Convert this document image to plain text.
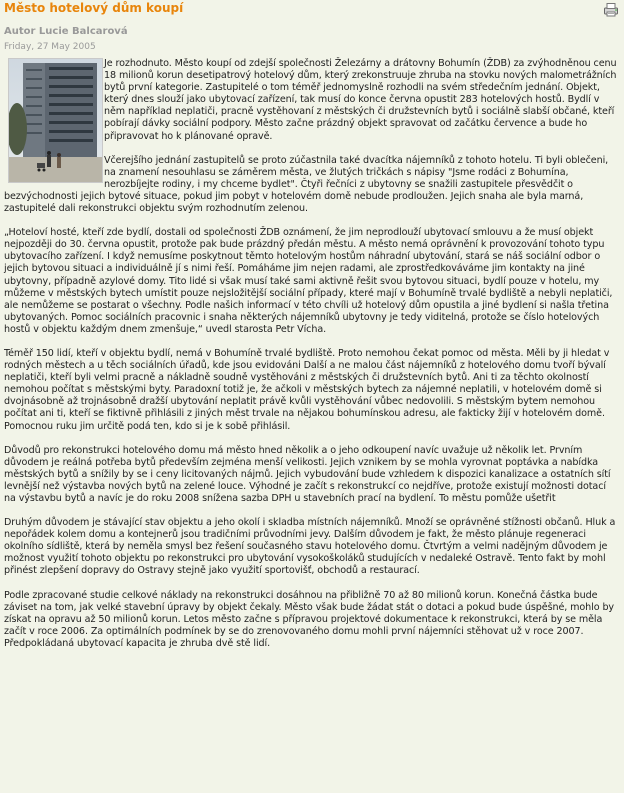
Město hotelový dům koupí
Autor Lucie Balcarová
Friday, 27 May 2005

Je rozhodnuto. Město koupí od zdejší společnosti Železárny a drátovny Bohumín (ŽDB) za zvýhodněnou cenu 18 milionů korun desetipatrový hotelový dům, který zrekonstruuje zhruba na stovku nových malometrážních bytů první kategorie. Zastupitelé o tom téměř jednomyslně rozhodli na svém středečním jednání. Objekt, který dnes slouží jako ubytovací zařízení, tak musí do konce června opustit 283 hotelových hostů. Bydlí v něm například neplatiči, pracně vystěhovaní z městských či družstevních bytů i sociálně slabší občané, kteří pobírají dávky sociální podpory. Město začne prázdný objekt spravovat od začátku července a bude ho připravovat ho k plánované opravě.

Včerejšího jednání zastupitelů se proto zúčastnila také dvacítka nájemníků z tohoto hotelu. Ti byli oblečeni, na znamení nesouhlasu se záměrem města, ve žlutých tričkách s nápisy "Jsme rodáci z Bohumína, nerozbíjejte rodiny, i my chceme bydlet". Čtyři řečníci z ubytovny se snažili zastupitele přesvědčit o bezvýchodnosti jejich bytové situace, pokud jim pobyt v hotelovém domě nebude prodloužen. Jejich snaha ale byla marná, zastupitelé dali rekonstrukci objektu svým rozhodnutím zelenou.

„Hoteloví hosté, kteří zde bydlí, dostali od společnosti ŽDB oznámení, že jim neprodlouží ubytovací smlouvu a že musí objekt nejpozději do 30. června opustit, protože pak bude prázdný předán městu. A město nemá oprávnění k provozování tohoto typu ubytovacího zařízení. I když nemusíme poskytnout těmto hotelovým hostům náhradní ubytování, stará se náš sociální odbor o jejich bytovou situaci a individuálně jí s nimi řeší. Pomáháme jim nejen radami, ale zprostředkováváme jim kontakty na jiné ubytovny, případně azylové domy. Tito lidé si však musí také sami aktivně řešit svou bytovou situaci, bydlí pouze v hotelu, my můžeme v městských bytech umístit pouze nejsložitější sociální případy, které mají v Bohumíně trvalé bydliště a nebyli neplatiči, ale nemůžeme se postarat o všechny. Podle našich informací v této chvíli už hotelový dům opustila a jiné bydlení si našla třetina ubytovaných. Pomoc sociálních pracovnic i snaha některých nájemníků ubytovny je tedy viditelná, protože se číslo hotelových hostů v objektu každým dnem zmenšuje,“ uvedl starosta Petr Vícha.

Téměř 150 lidí, kteří v objektu bydlí, nemá v Bohumíně trvalé bydliště. Proto nemohou čekat pomoc od města. Měli by ji hledat v rodných městech a u těch sociálních úřadů, kde jsou evidováni Další a ne malou část nájemníků z hotelového domu tvoří bývalí neplatiči, kteří byli velmi pracně a nákladně soudně vystěhováni z městských či družstevních bytů. Ani ti za těchto okolností nemohou počítat s městskými byty. Paradoxní totiž je, že ačkoli v městských bytech za nájemné neplatili, v hotelovém domě si dvojnásobně až trojnásobně dražší ubytování neplatit právě kvůli vystěhování vůbec nedovolili. S městským bytem nemohou počítat ani ti, kteří se fiktivně přihlásili z jiných měst trvale na nějakou bohumínskou adresu, ale fakticky žijí v hotelovém domě. Pomocnou ruku jim určitě podá ten, kdo si je k sobě přihlásil.

Důvodů pro rekonstrukci hotelového domu má město hned několik a o jeho odkoupení navíc uvažuje už několik let. Prvním důvodem je reálná potřeba bytů především zejména menší velikosti. Jejich vznikem by se mohla vyrovnat poptávka a nabídka městských bytů a snížily by se i ceny licitovaných nájmů. Jejich vybudování bude vzhledem k dispozici kanalizace a ostatních sítí levnější než výstavba nových bytů na zelené louce. Výhodné je začít s rekonstrukcí co nejdříve, protože existují možnosti dotací na výstavbu bytů a navíc je do roku 2008 snížena sazba DPH u stavebních prací na bydlení. To městu pomůže ušetřit

Druhým důvodem je stávající stav objektu a jeho okolí i skladba místních nájemníků. Množí se oprávněné stížnosti občanů. Hluk a nepořádek kolem domu a kontejnerů jsou tradičními průvodními jevy. Dalším důvodem je fakt, že město plánuje regeneraci okolního sídliště, která by neměla smysl bez řešení současného stavu hotelového domu. Čtvrtým a velmi nadějným důvodem je možnost využití tohoto objektu po rekonstrukci pro ubytování vysokoškoláků studujících v nedaleké Ostravě. Tento fakt by mohl přinést zlepšení dopravy do Ostravy stejně jako využití sportovišť, obchodů a restaurací.

Podle zpracované studie celkové náklady na rekonstrukci dosáhnou na přibližně 70 až 80 milionů korun. Konečná částka bude záviset na tom, jak velké stavební úpravy by objekt čekaly. Město však bude žádat stát o dotaci a pokud bude úspěšné, mohlo by získat na opravu až 50 milionů korun. Letos město začne s přípravou projektové dokumentace k rekonstrukci, která by se měla začít v roce 2006. Za optimálních podmínek by se do zrenovovaného domu mohli první nájemníci stěhovat už v roce 2007. Předpokládaná ubytovací kapacita je zhruba dvě stě lidí.
